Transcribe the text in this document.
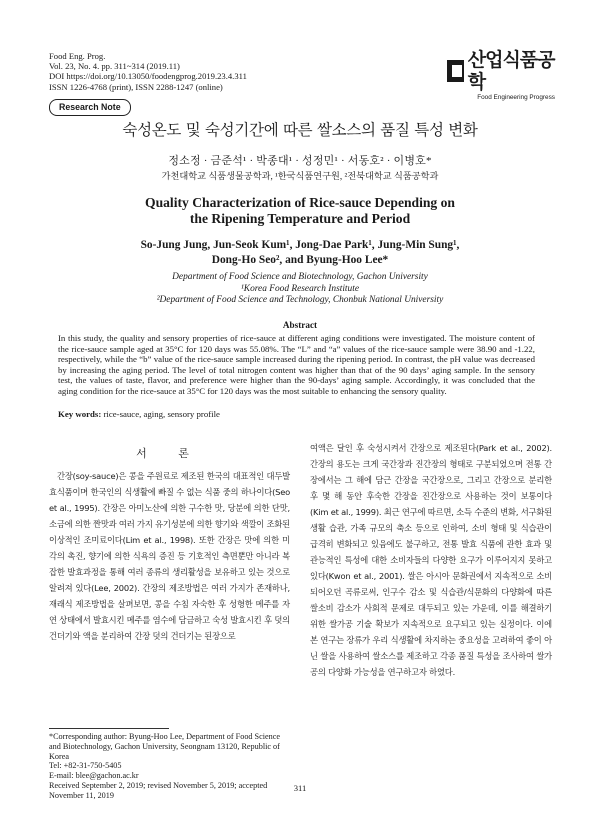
Food Eng. Prog.
Vol. 23, No. 4. pp. 311~314 (2019.11)
DOI https://doi.org/10.13050/foodengprog.2019.23.4.311
ISSN 1226-4768 (print), ISSN 2288-1247 (online)
산업식품공학
Food Engineering Progress
Research Note
숙성온도 및 숙성기간에 따른 쌀소스의 품질 특성 변화
정소정 · 금준석¹ · 박종대¹ · 성정민¹ · 서동호² · 이병호*
가천대학교 식품생물공학과, ¹한국식품연구원, ²전북대학교 식품공학과
Quality Characterization of Rice-sauce Depending on
the Ripening Temperature and Period
So-Jung Jung, Jun-Seok Kum¹, Jong-Dae Park¹, Jung-Min Sung¹,
Dong-Ho Seo², and Byung-Hoo Lee*
Department of Food Science and Biotechnology, Gachon University
¹Korea Food Research Institute
²Department of Food Science and Technology, Chonbuk National University
Abstract
In this study, the quality and sensory properties of rice-sauce at different aging conditions were investigated. The moisture content of the rice-sauce sample aged at 35°C for 120 days was 55.08%. The “L” and “a” values of the rice-sauce sample were 38.90 and -1.22, respectively, while the “b” value of the rice-sauce sample increased during the ripening period. In contrast, the pH value was decreased by increasing the aging period. The level of total nitrogen content was higher than that of the 90 days’ aging sample. In the sensory test, the values of taste, flavor, and preference were higher than the 90-days’ aging sample. Accordingly, it was concluded that the aging condition for the rice-sauce at 35°C for 120 days was the most suitable to enhancing the sensory quality.
Key words: rice-sauce, aging, sensory profile
서 론
간장(soy-sauce)은 콩을 주원료로 제조된 한국의 대표적인 대두발효식품이며 한국인의 식생활에 빠질 수 없는 식품 중의 하나이다(Seo et al., 1995). 간장은 아미노산에 의한 구수한 맛, 당분에 의한 단맛, 소금에 의한 짠맛과 여러 가지 유기성분에 의한 향기와 색깔이 조화된 이상적인 조미료이다(Lim et al., 1998). 또한 간장은 맛에 의한 미각의 촉진, 향기에 의한 식욕의 증진 등 기호적인 측면뿐만 아니라 복잡한 발효과정을 통해 여러 종류의 생리활성을 보유하고 있는 것으로 알려져 있다(Lee, 2002). 간장의 제조방법은 여러 가지가 존재하나, 재래식 제조방법을 살펴보면, 콩을 수침 자숙한 후 성형한 메주를 자연 상태에서 발효시킨 메주를 염수에 담금하고 숙성 발효시킨 후 덧의 건더기와 액을 분리하여 간장 덧의 건더기는 된장으로
여액은 달인 후 숙성시켜서 간장으로 제조된다(Park et al., 2002). 간장의 용도는 크게 국간장과 진간장의 형태로 구분되었으며 전통 간장에서는 그 해에 담근 간장을 국간장으로, 그리고 간장으로 분리한 후 몇 해 동안 후숙한 간장을 진간장으로 사용하는 것이 보통이다(Kim et al., 1999). 최근 연구에 따르면, 소득 수준의 변화, 서구화된 생활 습관, 가족 규모의 축소 등으로 인하여, 소비 형태 및 식습관이 급격히 변화되고 있음에도 불구하고, 전통 발효 식품에 관한 효과 및 관능적인 특성에 대한 소비자들의 다양한 요구가 이루어지지 못하고 있다(Kwon et al., 2001). 쌀은 아시아 문화권에서 지속적으로 소비되어오던 곡류로써, 인구수 감소 및 식습관/식문화의 다양화에 따른 쌀소비 감소가 사회적 문제로 대두되고 있는 가운데, 이를 해결하기 위한 쌀가공 기술 확보가 지속적으로 요구되고 있는 실정이다. 이에 본 연구는 장류가 우리 식생활에 차지하는 중요성을 고려하여 좋이 아닌 쌀을 사용하여 쌀소스를 제조하고 각종 품질 특성을 조사하여 쌀가공의 다양화 가능성을 연구하고자 하였다.
*Corresponding author: Byung-Hoo Lee, Department of Food Science and Biotechnology, Gachon University, Seongnam 13120, Republic of Korea
Tel: +82-31-750-5405
E-mail: blee@gachon.ac.kr
Received September 2, 2019; revised November 5, 2019; accepted November 11, 2019
311
